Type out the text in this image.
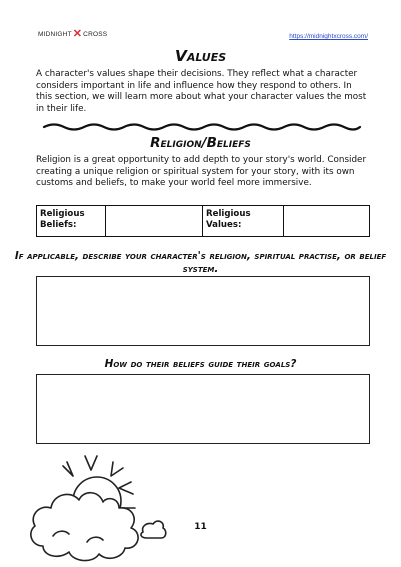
MIDNIGHT ✕ CROSS	https://midnightxcross.com/
Values
A character's values shape their decisions. They reflect what a character considers important in life and influence how they respond to others. In this section, we will learn more about what your character values the most in their life.
Religion/Beliefs
Religion is a great opportunity to add depth to your story's world. Consider creating a unique religion or spiritual system for your story, with its own customs and beliefs, to make your world feel more immersive.
Religious Beliefs:
Religious Values:
If applicable, describe your character's religion, spiritual practise, or belief system.
How do their beliefs guide their goals?
11
